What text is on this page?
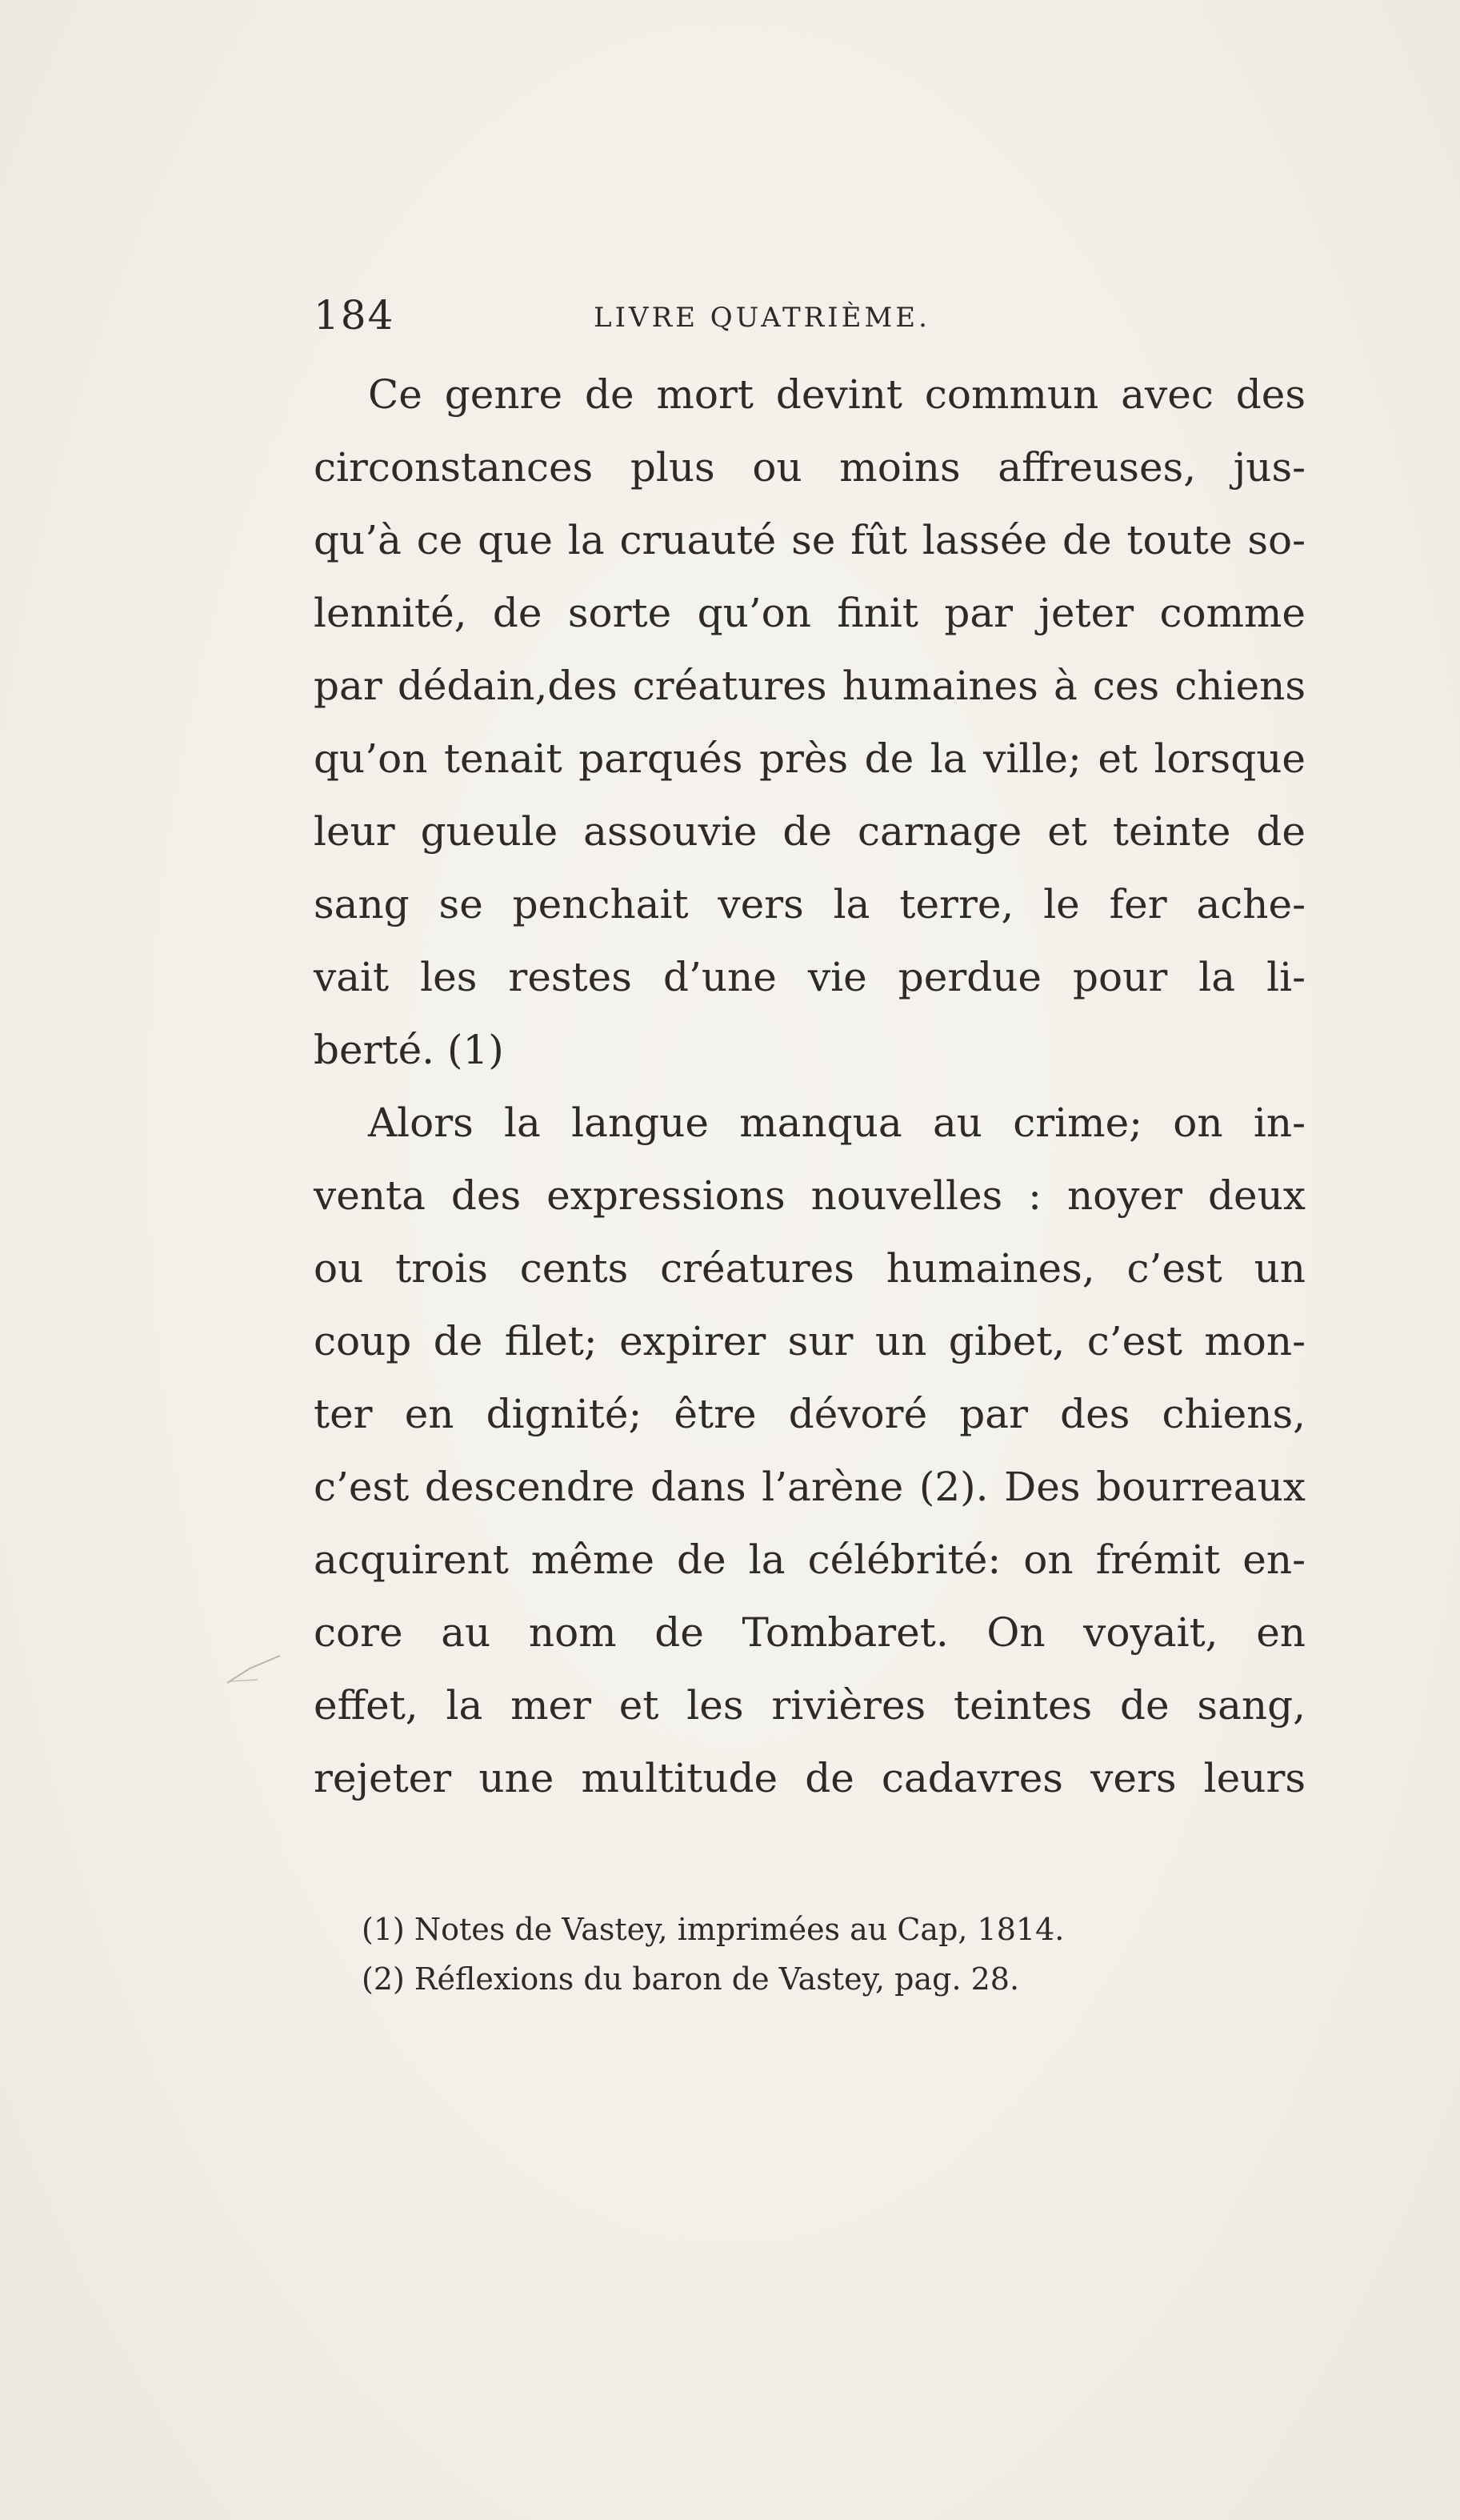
184	LIVRE QUATRIÈME.
Ce genre de mort devint commun avec des
circonstances plus ou moins affreuses, jus-
qu’à ce que la cruauté se fût lassée de toute so-
lennité, de sorte qu’on finit par jeter comme
par dédain,des créatures humaines à ces chiens
qu’on tenait parqués près de la ville; et lorsque
leur gueule assouvie de carnage et teinte de
sang se penchait vers la terre, le fer ache-
vait les restes d’une vie perdue pour la li-
berté. (1)
Alors la langue manqua au crime; on in-
venta des expressions nouvelles : noyer deux
ou trois cents créatures humaines, c’est un
coup de filet; expirer sur un gibet, c’est mon-
ter en dignité; être dévoré par des chiens,
c’est descendre dans l’arène (2). Des bourreaux
acquirent même de la célébrité: on frémit en-
core au nom de Tombaret. On voyait, en
effet, la mer et les rivières teintes de sang,
rejeter une multitude de cadavres vers leurs
(1) Notes de Vastey, imprimées au Cap, 1814.
(2) Réflexions du baron de Vastey, pag. 28.
